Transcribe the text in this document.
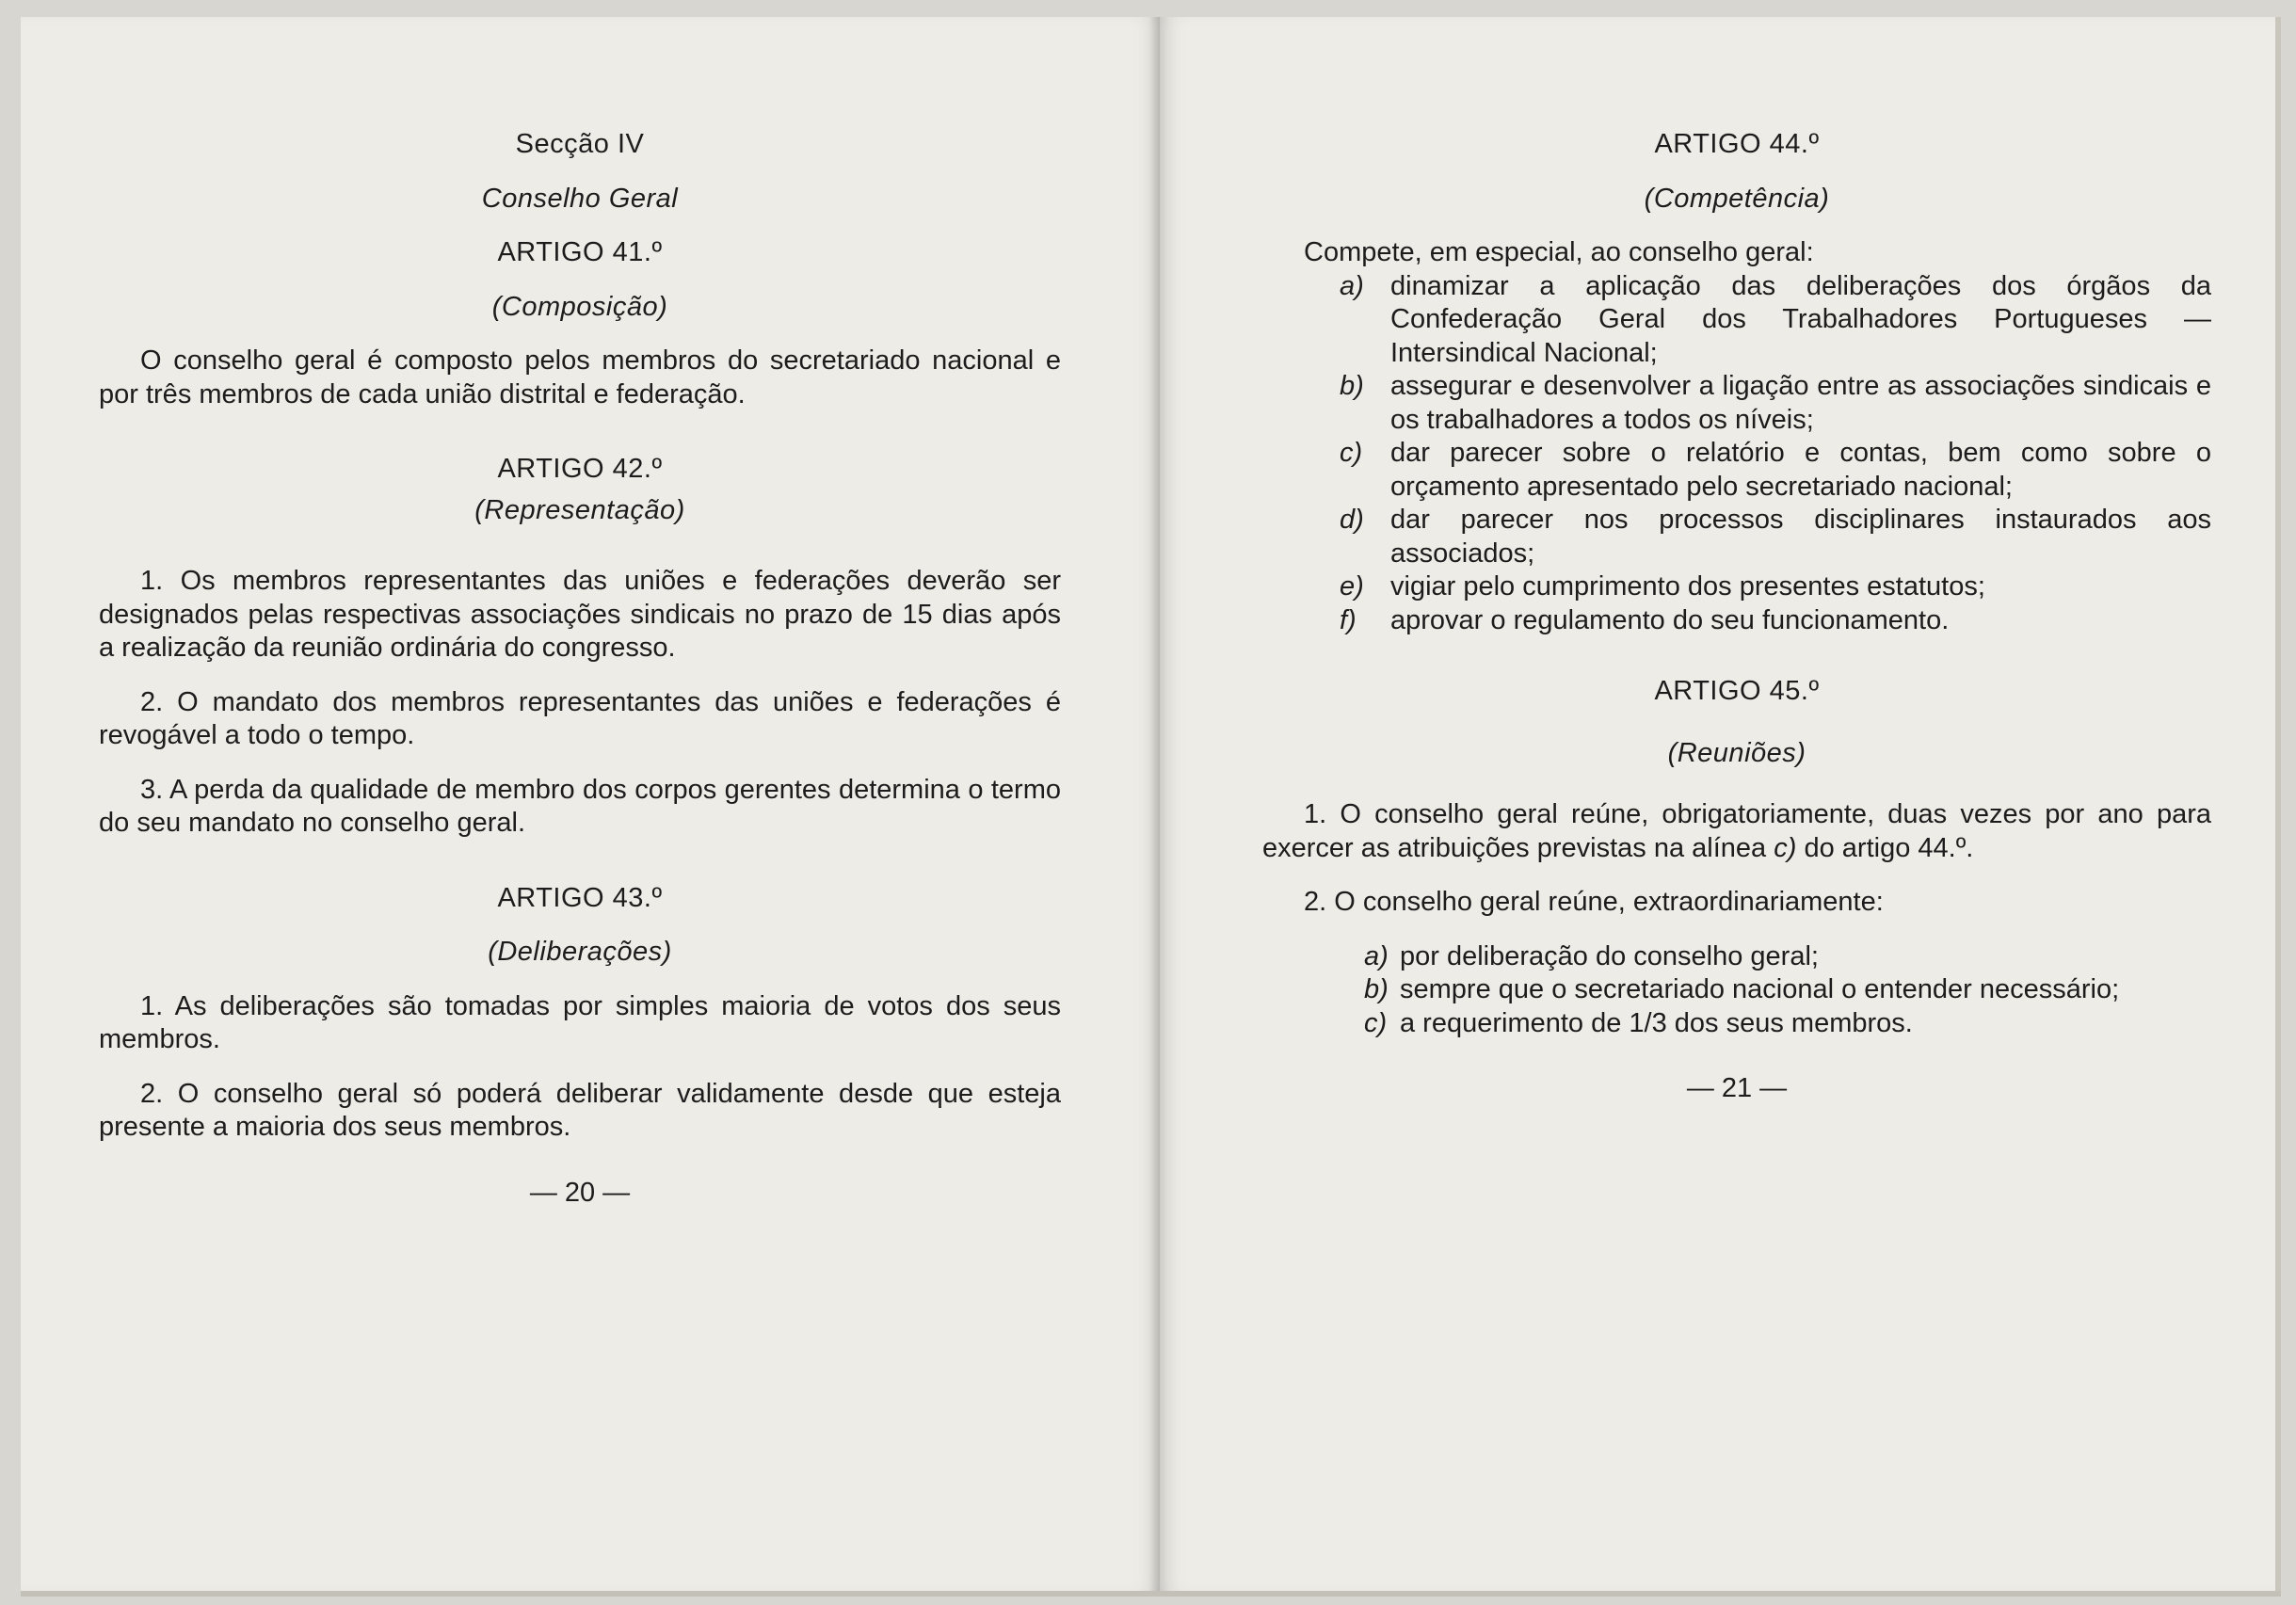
Secção IV

Conselho Geral

ARTIGO 41.º

(Composição)

O conselho geral é composto pelos membros do secretariado nacional e por três membros de cada união distrital e federação.

ARTIGO 42.º

(Representação)

1. Os membros representantes das uniões e federações deverão ser designados pelas respectivas associações sindicais no prazo de 15 dias após a realização da reunião ordinária do congresso.

2. O mandato dos membros representantes das uniões e federações é revogável a todo o tempo.

3. A perda da qualidade de membro dos corpos gerentes determina o termo do seu mandato no conselho geral.

ARTIGO 43.º

(Deliberações)

1. As deliberações são tomadas por simples maioria de votos dos seus membros.

2. O conselho geral só poderá deliberar validamente desde que esteja presente a maioria dos seus membros.

— 20 —

ARTIGO 44.º

(Competência)

Compete, em especial, ao conselho geral:

a) dinamizar a aplicação das deliberações dos órgãos da Confederação Geral dos Trabalhadores Portugueses — Intersindical Nacional;
b) assegurar e desenvolver a ligação entre as associações sindicais e os trabalhadores a todos os níveis;
c)	dar parecer sobre o relatório e contas, bem como sobre o orçamento apresentado pelo secretariado nacional;
d) dar parecer nos processos disciplinares instaurados aos associados;
e) vigiar pelo cumprimento dos presentes estatutos;
f)	aprovar o regulamento do seu funcionamento.

ARTIGO 45.º

(Reuniões)

1. O conselho geral reúne, obrigatoriamente, duas vezes por ano para exercer as atribuições previstas na alínea c) do artigo 44.º.

2. O conselho geral reúne, extraordinariamente:

a) por deliberação do conselho geral;
b) sempre que o secretariado nacional o entender necessário;
c) a requerimento de 1/3 dos seus membros.

— 21 —
